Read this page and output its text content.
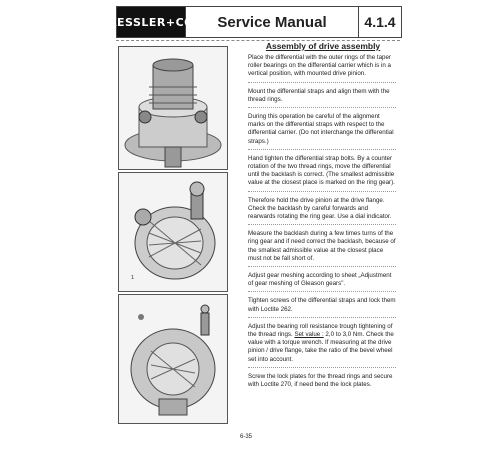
KESSLER+CO	Service Manual	4.1.4
1
Assembly of drive assembly

Place the differential with the outer rings of the taper roller bearings on the differential carrier which is in a vertical position, with mounted drive pinion.

Mount the differential straps and align them with the thread rings.

During this operation be careful of the alignment marks on the differential straps with respect to the differential carrier. (Do not interchange the differential straps.)

Hand tighten the differential strap bolts. By a counter rotation of the two thread rings, move the differential until the backlash is correct. (The smallest admissible value at the closest place is marked on the ring gear).

Therefore hold the drive pinion at the drive flange. Check the backlash by careful forwards and rearwards rotating the ring gear. Use a dial indicator.

Measure the backlash during a few times turns of the ring gear and if need correct the backlash, because of the smallest admissible value at the closest place must not be fall short of.

Adjust gear meshing according to sheet „Adjustment of gear meshing of Gleason gears".

Tighten screws of the differential straps and lock them with Loctite 262.

Adjust the bearing roll resistance trough tightening of the thread rings. Set value : 2,0 to 3,0 Nm. Check the value with a torque wrench. If measuring at the drive pinion / drive flange, take the ratio of the bevel wheel set into account.

Screw the lock plates for the thread rings and secure with Loctite 270, if need bend the lock plates.

6-35
